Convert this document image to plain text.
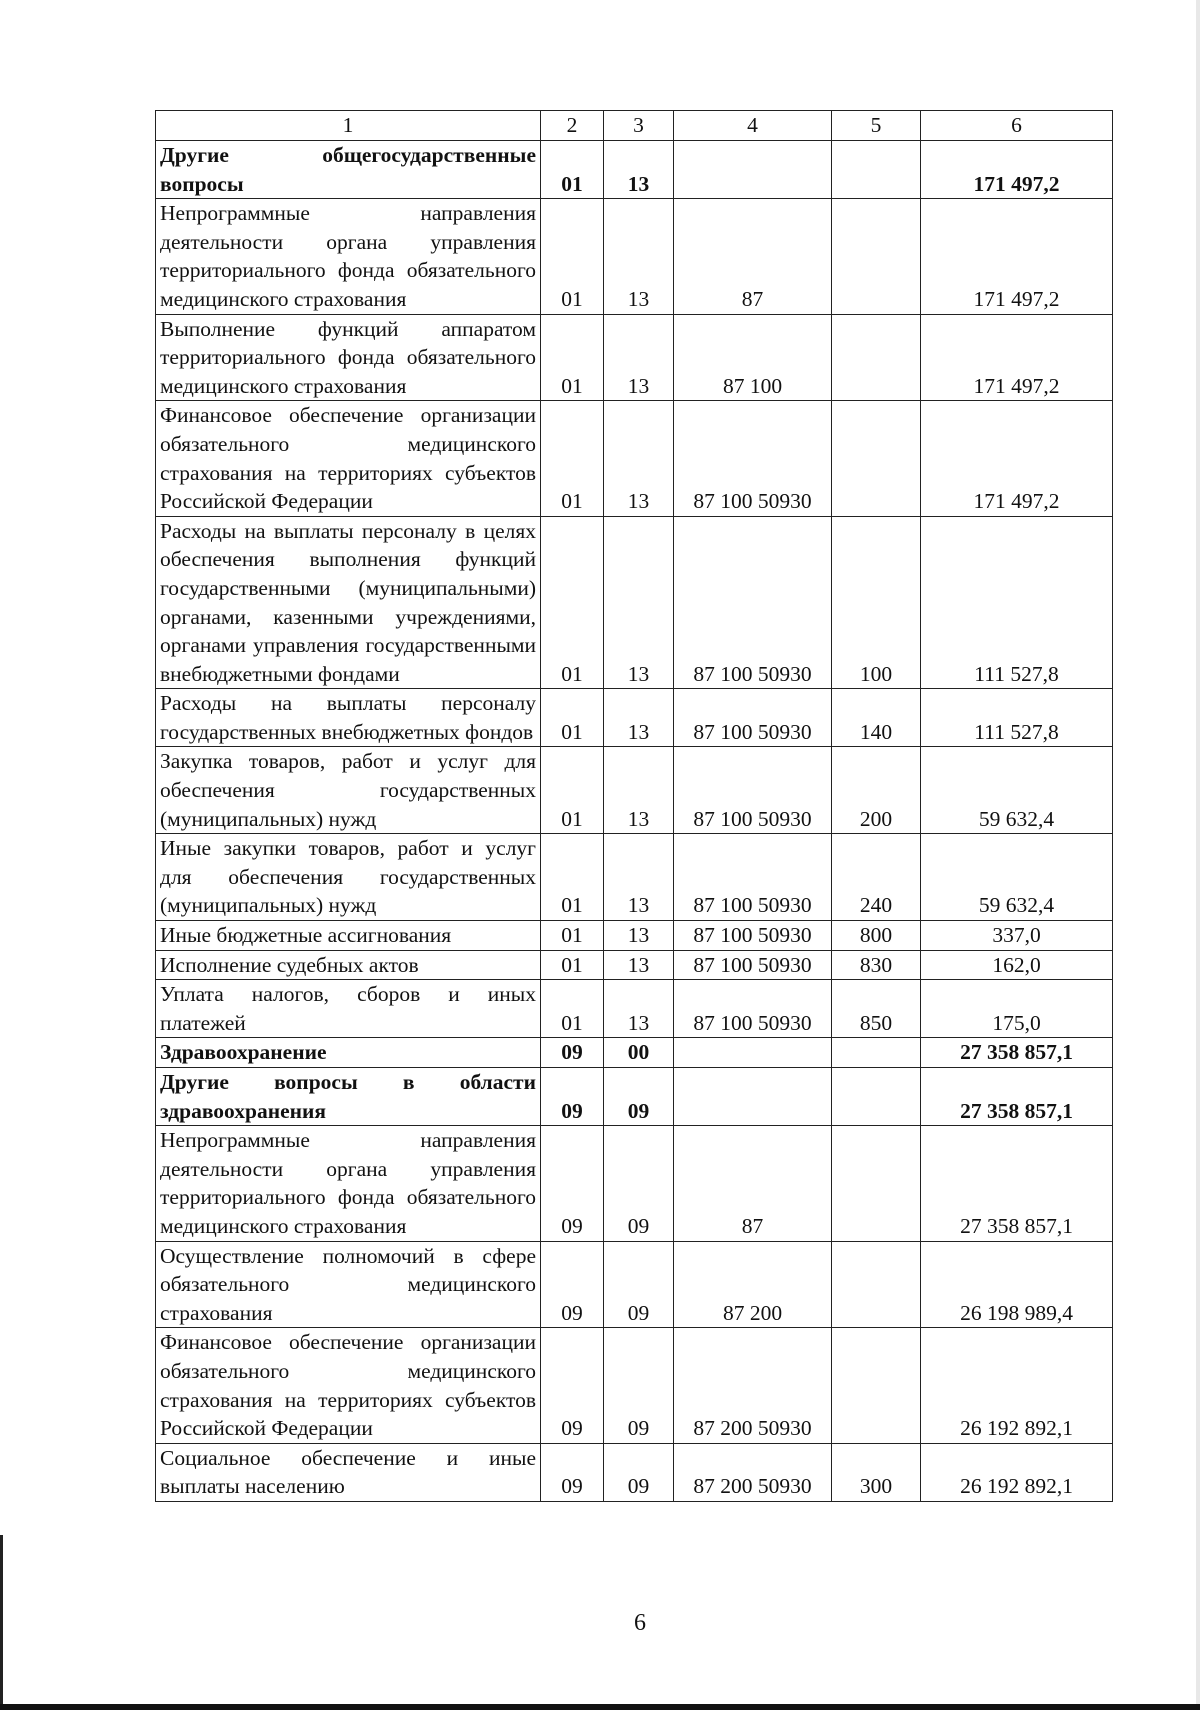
1	2	3	4	5	6
Другие общегосударственные вопросы	01	13			171 497,2
Непрограммные направления деятельности органа управления территориального фонда обязательного медицинского страхования	01	13	87		171 497,2
Выполнение функций аппаратом территориального фонда обязательного медицинского страхования	01	13	87 100		171 497,2
Финансовое обеспечение организации обязательного медицинского страхования на территориях субъектов Российской Федерации	01	13	87 100 50930		171 497,2
Расходы на выплаты персоналу в целях обеспечения выполнения функций государственными (муниципальными) органами, казенными учреждениями, органами управления государственными внебюджетными фондами	01	13	87 100 50930	100	111 527,8
Расходы на выплаты персоналу государственных внебюджетных фондов	01	13	87 100 50930	140	111 527,8
Закупка товаров, работ и услуг для обеспечения государственных (муниципальных) нужд	01	13	87 100 50930	200	59 632,4
Иные закупки товаров, работ и услуг для обеспечения государственных (муниципальных) нужд	01	13	87 100 50930	240	59 632,4
Иные бюджетные ассигнования	01	13	87 100 50930	800	337,0
Исполнение судебных актов	01	13	87 100 50930	830	162,0
Уплата налогов, сборов и иных платежей	01	13	87 100 50930	850	175,0
Здравоохранение	09	00			27 358 857,1
Другие вопросы в области здравоохранения	09	09			27 358 857,1
Непрограммные направления деятельности органа управления территориального фонда обязательного медицинского страхования	09	09	87		27 358 857,1
Осуществление полномочий в сфере обязательного медицинского страхования	09	09	87 200		26 198 989,4
Финансовое обеспечение организации обязательного медицинского страхования на территориях субъектов Российской Федерации	09	09	87 200 50930		26 192 892,1
Социальное обеспечение и иные выплаты населению	09	09	87 200 50930	300	26 192 892,1
6
